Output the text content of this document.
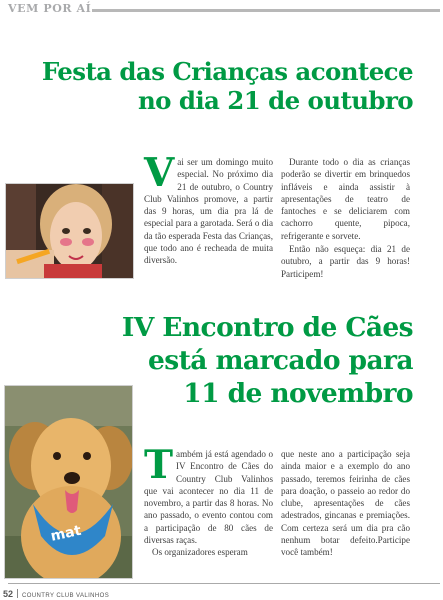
VEM POR AÍ
Festa das Crianças acontece
no dia 21 de outubro
Vai ser um domingo muito especial. No próximo dia 21 de outubro, o Country Club Valinhos promove, a partir das 9 horas, um dia pra lá de especial para a garotada. Será o dia da tão esperada Festa das Crianças, que todo ano é recheada de muita diversão.

Durante todo o dia as crianças poderão se divertir em brinquedos infláveis e ainda assistir à apresentações de teatro de fantoches e se deliciarem com cachorro quente, pipoca, refrigerante e sorvete.

Então não esqueça: dia 21 de outubro, a partir das 9 horas! Participem!

IV Encontro de Cães
está marcado para
11 de novembro
mat
Também já está agendado o IV Encontro de Cães do Country Club Valinhos que vai acontecer no dia 11 de novembro, a partir das 8 horas. No ano passado, o evento contou com a participação de 80 cães de diversas raças.

Os organizadores esperam

que neste ano a participação seja ainda maior e a exemplo do ano passado, teremos feirinha de cães para doação, o passeio ao redor do clube, apresentações de cães adestrados, gincanas e premiações. Com certeza será um dia pra cão nenhum botar defeito.Participe você também!

52 COUNTRY CLUB VALINHOS
